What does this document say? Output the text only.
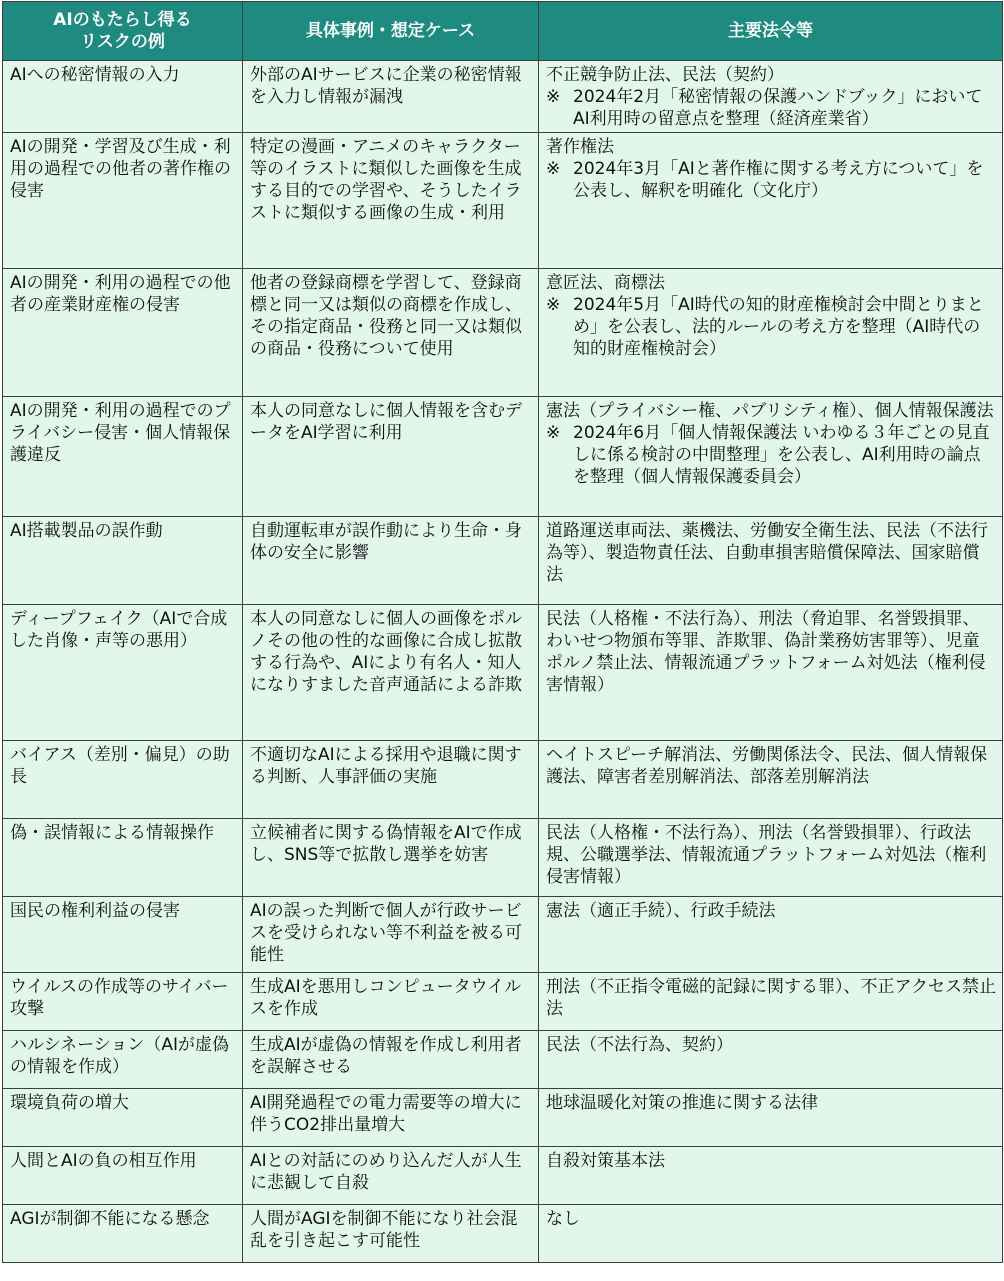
AIのもたらし得る
リスクの例	具体事例・想定ケース	主要法令等

AIへの秘密情報の入力	外部のAIサービスに企業の秘密情報を入力し情報が漏洩	不正競争防止法、民法（契約）
※ 2024年2月「秘密情報の保護ハンドブック」においてAI利用時の留意点を整理（経済産業省）

AIの開発・学習及び生成・利用の過程での他者の著作権の侵害	特定の漫画・アニメのキャラクター等のイラストに類似した画像を生成する目的での学習や、そうしたイラストに類似する画像の生成・利用	著作権法
※ 2024年3月「AIと著作権に関する考え方について」を公表し、解釈を明確化（文化庁）

AIの開発・利用の過程での他者の産業財産権の侵害	他者の登録商標を学習して、登録商標と同一又は類似の商標を作成し、その指定商品・役務と同一又は類似の商品・役務について使用	意匠法、商標法
※ 2024年5月「AI時代の知的財産権検討会中間とりまとめ」を公表し、法的ルールの考え方を整理（AI時代の知的財産権検討会）

AIの開発・利用の過程でのプライバシー侵害・個人情報保護違反	本人の同意なしに個人情報を含むデータをAI学習に利用	憲法（プライバシー権、パブリシティ権）、個人情報保護法
※ 2024年6月「個人情報保護法 いわゆる３年ごとの見直しに係る検討の中間整理」を公表し、AI利用時の論点を整理（個人情報保護委員会）

AI搭載製品の誤作動	自動運転車が誤作動により生命・身体の安全に影響	道路運送車両法、薬機法、労働安全衛生法、民法（不法行為等）、製造物責任法、自動車損害賠償保障法、国家賠償法

ディープフェイク（AIで合成した肖像・声等の悪用）	本人の同意なしに個人の画像をポルノその他の性的な画像に合成し拡散する行為や、AIにより有名人・知人になりすました音声通話による詐欺	民法（人格権・不法行為）、刑法（脅迫罪、名誉毀損罪、わいせつ物頒布等罪、詐欺罪、偽計業務妨害罪等）、児童ポルノ禁止法、情報流通プラットフォーム対処法（権利侵害情報）

バイアス（差別・偏見）の助長	不適切なAIによる採用や退職に関する判断、人事評価の実施	ヘイトスピーチ解消法、労働関係法令、民法、個人情報保護法、障害者差別解消法、部落差別解消法

偽・誤情報による情報操作	立候補者に関する偽情報をAIで作成し、SNS等で拡散し選挙を妨害	民法（人格権・不法行為）、刑法（名誉毀損罪）、行政法規、公職選挙法、情報流通プラットフォーム対処法（権利侵害情報）

国民の権利利益の侵害	AIの誤った判断で個人が行政サービスを受けられない等不利益を被る可能性	憲法（適正手続）、行政手続法

ウイルスの作成等のサイバー攻撃	生成AIを悪用しコンピュータウイルスを作成	刑法（不正指令電磁的記録に関する罪）、不正アクセス禁止法

ハルシネーション（AIが虚偽の情報を作成）	生成AIが虚偽の情報を作成し利用者を誤解させる	民法（不法行為、契約）

環境負荷の増大	AI開発過程での電力需要等の増大に伴うCO2排出量増大	地球温暖化対策の推進に関する法律

人間とAIの負の相互作用	AIとの対話にのめり込んだ人が人生に悲観して自殺	自殺対策基本法

AGIが制御不能になる懸念	人間がAGIを制御不能になり社会混乱を引き起こす可能性	なし
